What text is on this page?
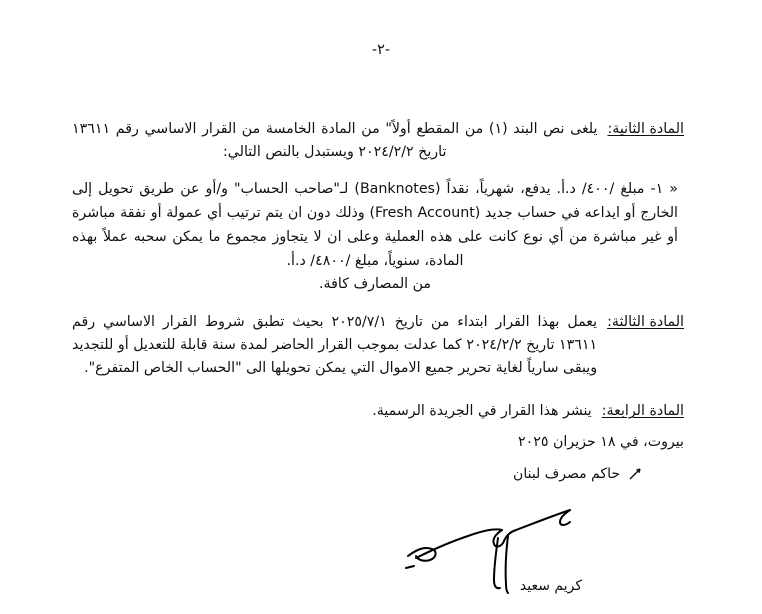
-٢-
المادة الثانية:
يلغى نص البند (١) من المقطع أولاً" من المادة الخامسة من القرار الاساسي رقم ١٣٦١١ تاريخ ٢٠٢٤/٢/٢ ويستبدل بالنص التالي:
« ١- مبلغ /٤٠٠/ د.أ. يدفع، شهرياً، نقداً (Banknotes) لـ"صاحب الحساب" و/أو عن طريق تحويل إلى الخارج أو ايداعه في حساب جديد (Fresh Account) وذلك دون ان يتم ترتيب أي عمولة أو نفقة مباشرة أو غير مباشرة من أي نوع كانت على هذه العملية وعلى ان لا يتجاوز مجموع ما يمكن سحبه عملاً بهذه المادة، سنوياً، مبلغ /٤٨٠٠/ د.أ.
من المصارف كافة.
المادة الثالثة:
يعمل بهذا القرار ابتداء من تاريخ ٢٠٢٥/٧/١ بحيث تطبق شروط القرار الاساسي رقم ١٣٦١١ تاريخ ٢٠٢٤/٢/٢ كما عدلت بموجب القرار الحاضر لمدة سنة قابلة للتعديل أو للتجديد ويبقى سارياً لغاية تحرير جميع الاموال التي يمكن تحويلها الى "الحساب الخاص المتفرع".
المادة الرابعة:
ينشر هذا القرار في الجريدة الرسمية.
بيروت، في ١٨ حزيران ٢٠٢٥
حاكم مصرف لبنان
كريم سعيد
